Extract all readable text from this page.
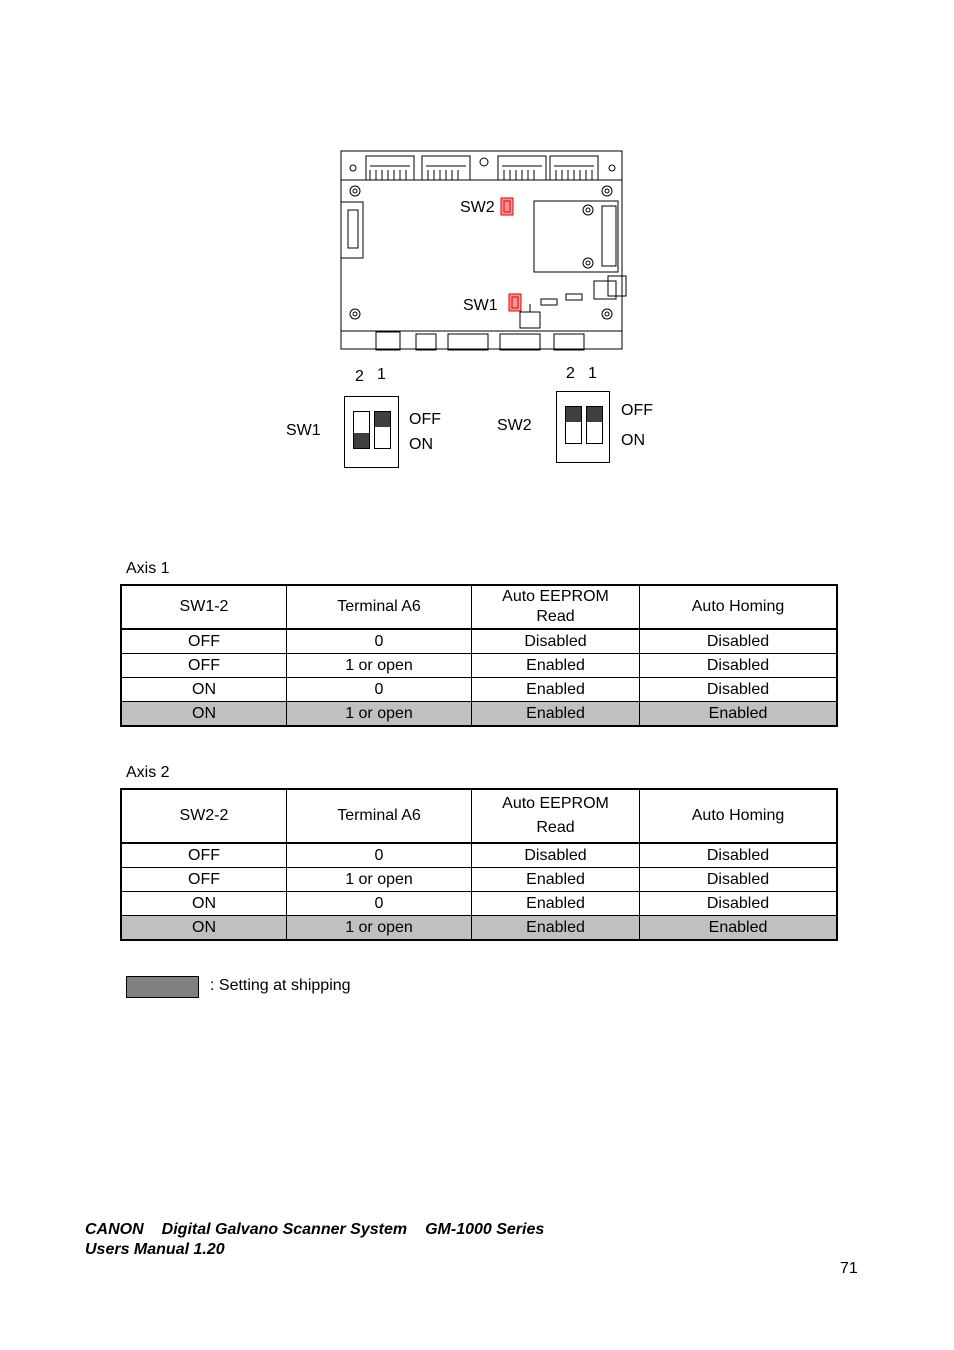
SW2
SW1
2 1
SW1
OFF
ON
2 1
SW2
OFF
ON
Axis 1
SW1-2	Terminal A6	Auto EEPROM Read	Auto Homing
OFF	0	Disabled	Disabled
OFF	1 or open	Enabled	Disabled
ON	0	Enabled	Disabled
ON	1 or open	Enabled	Enabled
Axis 2
SW2-2	Terminal A6	Auto EEPROM Read	Auto Homing
OFF	0	Disabled	Disabled
OFF	1 or open	Enabled	Disabled
ON	0	Enabled	Disabled
ON	1 or open	Enabled	Enabled
: Setting at shipping
CANON Digital Galvano Scanner System GM-1000 Series
Users Manual 1.20
71
